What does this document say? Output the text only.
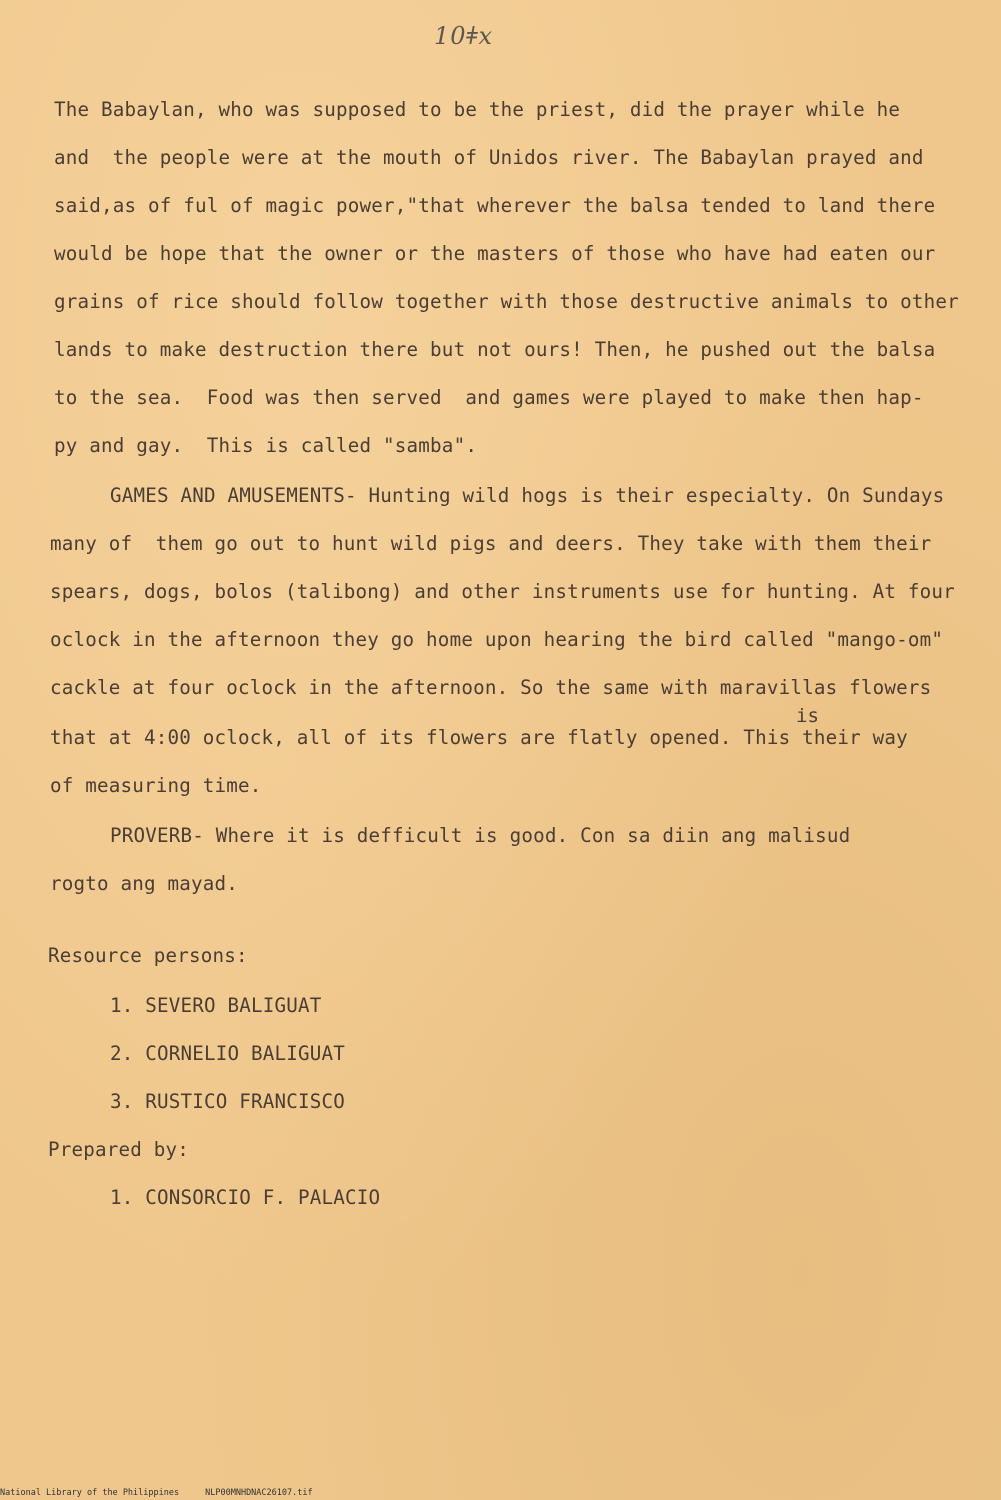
10ǂx
The Babaylan, who was supposed to be the priest, did the prayer while he
and  the people were at the mouth of Unidos river. The Babaylan prayed and
said,as of ful of magic power,"that wherever the balsa tended to land there
would be hope that the owner or the masters of those who have had eaten our
grains of rice should follow together with those destructive animals to other
lands to make destruction there but not ours! Then, he pushed out the balsa
to the sea.  Food was then served  and games were played to make then hap-
py and gay.  This is called "samba".
GAMES AND AMUSEMENTS- Hunting wild hogs is their especialty. On Sundays
many of  them go out to hunt wild pigs and deers. They take with them their
spears, dogs, bolos (talibong) and other instruments use for hunting. At four
oclock in the afternoon they go home upon hearing the bird called "mango-om"
cackle at four oclock in the afternoon. So the same with maravillas flowers
is
that at 4:00 oclock, all of its flowers are flatly opened. This their way
of measuring time.
PROVERB- Where it is defficult is good. Con sa diin ang malisud
rogto ang mayad.
Resource persons:
1. SEVERO BALIGUAT
2. CORNELIO BALIGUAT
3. RUSTICO FRANCISCO
Prepared by:
1. CONSORCIO F. PALACIO
National Library of the Philippines	NLP00MNHDNAC26107.tif
